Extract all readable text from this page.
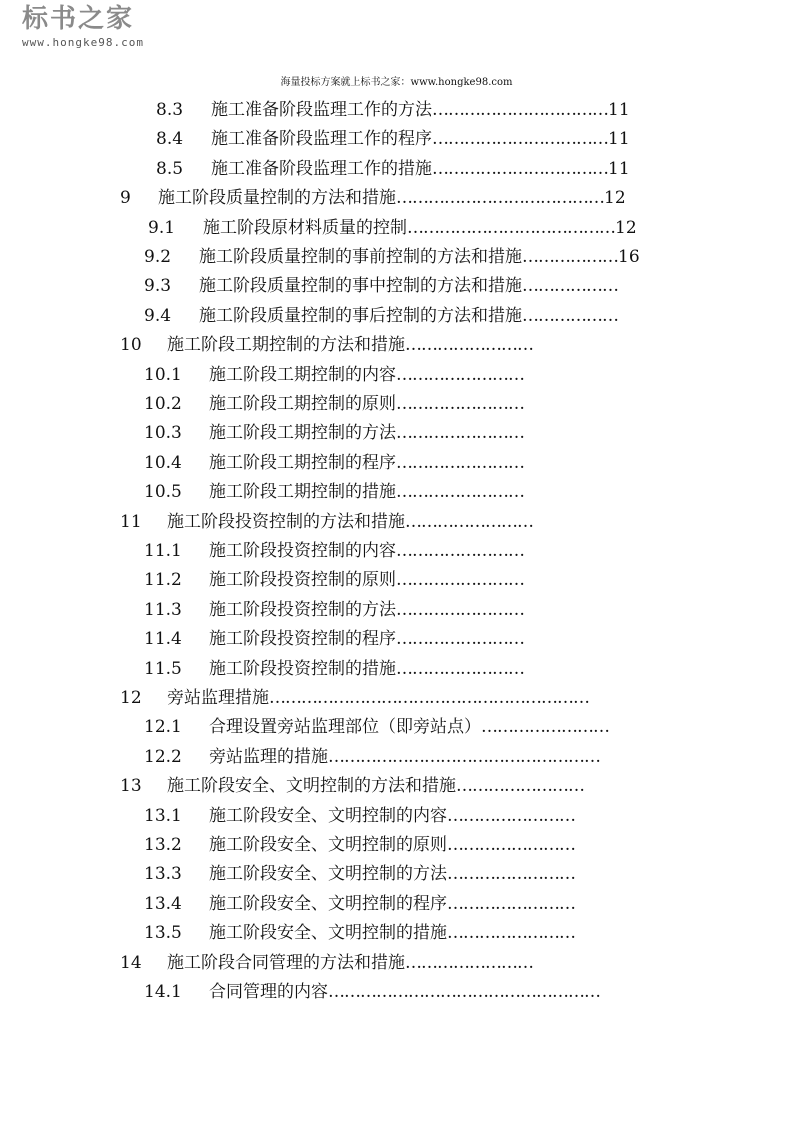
标书之家
www.hongke98.com
海量投标方案就上标书之家：www.hongke98.com
8.3 施工准备阶段监理工作的方法……………………………11
8.4 施工准备阶段监理工作的程序……………………………11
8.5 施工准备阶段监理工作的措施……………………………11
9 施工阶段质量控制的方法和措施…………………………………12
9.1 施工阶段原材料质量的控制…………………………………12
9.2 施工阶段质量控制的事前控制的方法和措施………………16
9.3 施工阶段质量控制的事中控制的方法和措施………………
9.4 施工阶段质量控制的事后控制的方法和措施………………
10 施工阶段工期控制的方法和措施……………………
10.1 施工阶段工期控制的内容……………………
10.2 施工阶段工期控制的原则……………………
10.3 施工阶段工期控制的方法……………………
10.4 施工阶段工期控制的程序……………………
10.5 施工阶段工期控制的措施……………………
11 施工阶段投资控制的方法和措施……………………
11.1 施工阶段投资控制的内容……………………
11.2 施工阶段投资控制的原则……………………
11.3 施工阶段投资控制的方法……………………
11.4 施工阶段投资控制的程序……………………
11.5 施工阶段投资控制的措施……………………
12 旁站监理措施……………………………………………………
12.1 合理设置旁站监理部位（即旁站点）……………………
12.2 旁站监理的措施……………………………………………
13 施工阶段安全、文明控制的方法和措施……………………
13.1 施工阶段安全、文明控制的内容……………………
13.2 施工阶段安全、文明控制的原则……………………
13.3 施工阶段安全、文明控制的方法……………………
13.4 施工阶段安全、文明控制的程序……………………
13.5 施工阶段安全、文明控制的措施……………………
14 施工阶段合同管理的方法和措施……………………
14.1 合同管理的内容……………………………………………
